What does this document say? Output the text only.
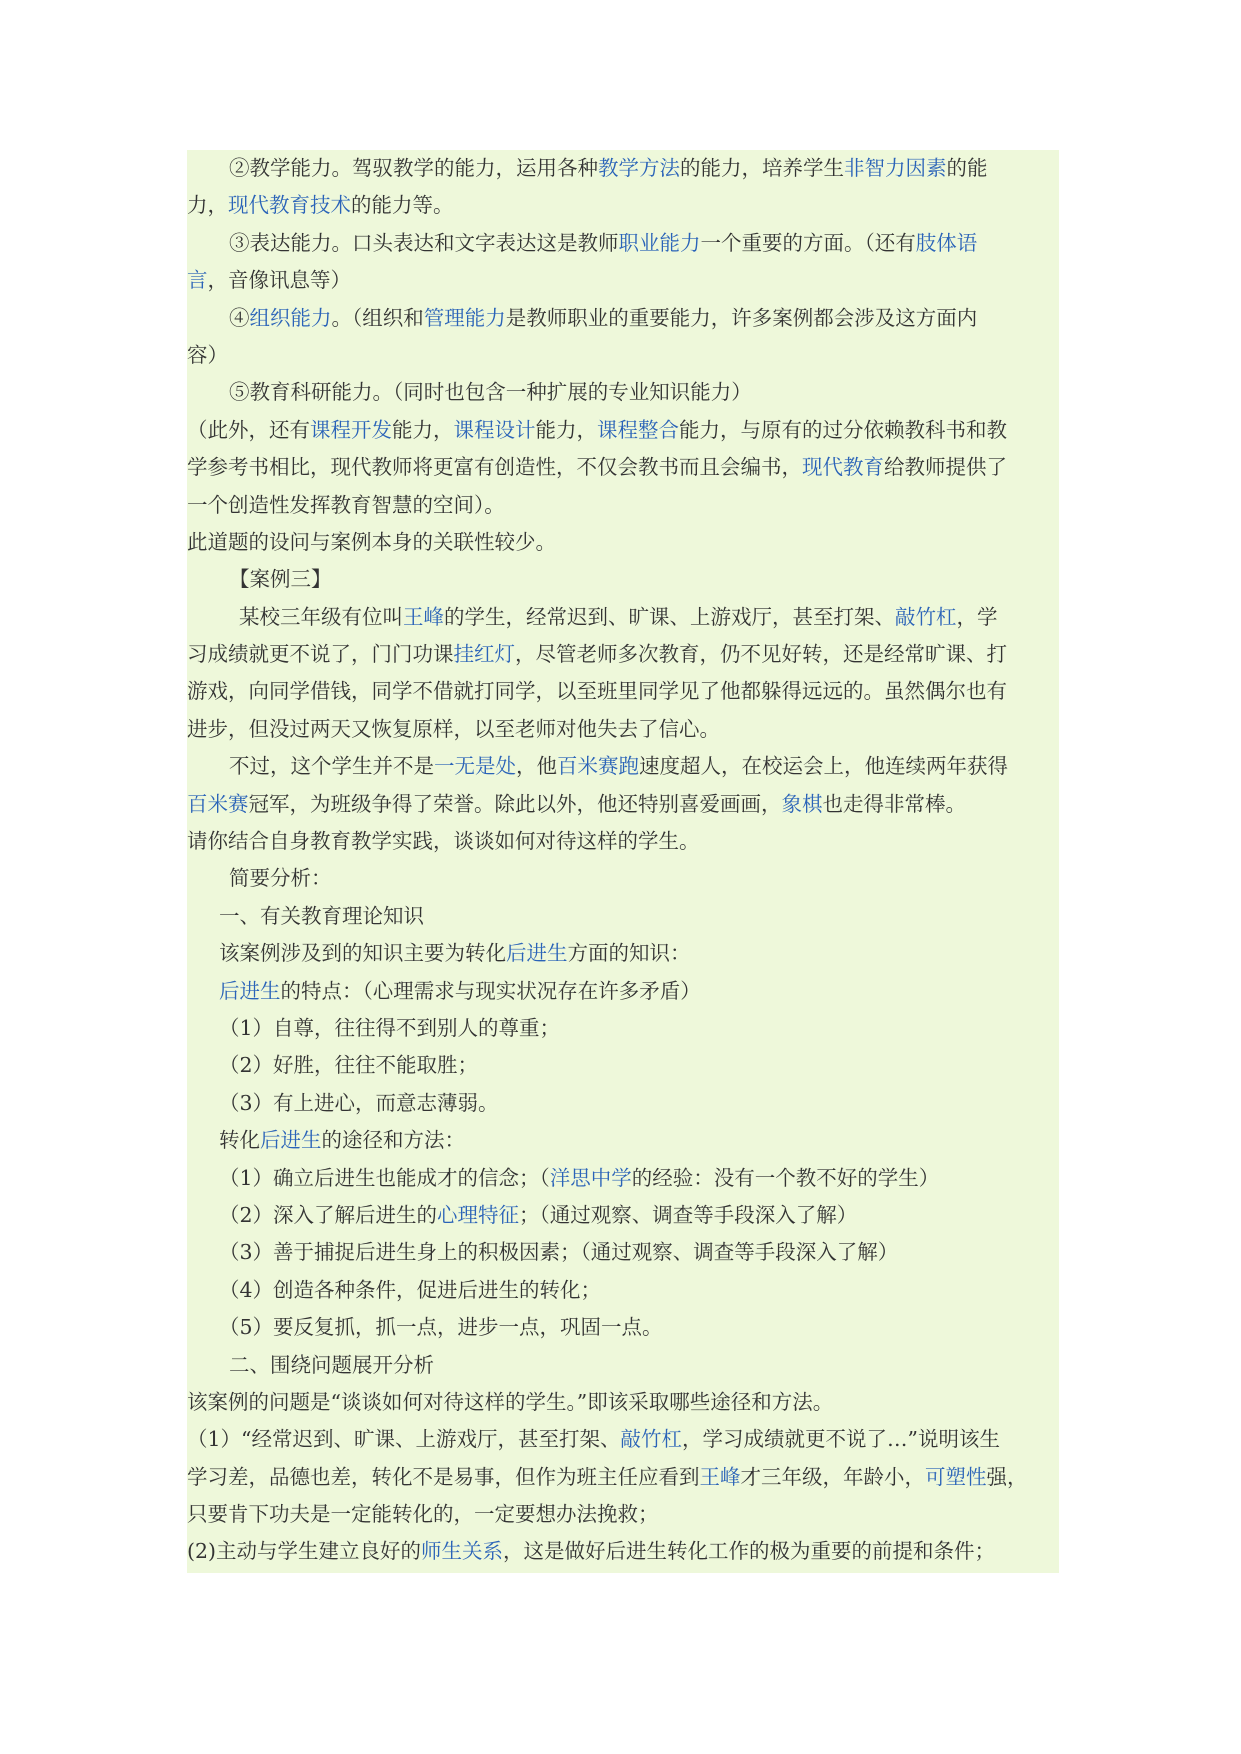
②教学能力。驾驭教学的能力，运用各种教学方法的能力，培养学生非智力因素的能
力，现代教育技术的能力等。
③表达能力。口头表达和文字表达这是教师职业能力一个重要的方面。（还有肢体语
言，音像讯息等）
④组织能力。（组织和管理能力是教师职业的重要能力，许多案例都会涉及这方面内
容）
⑤教育科研能力。（同时也包含一种扩展的专业知识能力）
（此外，还有课程开发能力，课程设计能力，课程整合能力，与原有的过分依赖教科书和教
学参考书相比，现代教师将更富有创造性，不仅会教书而且会编书，现代教育给教师提供了
一个创造性发挥教育智慧的空间）。
此道题的设问与案例本身的关联性较少。
【案例三】
某校三年级有位叫王峰的学生，经常迟到、旷课、上游戏厅，甚至打架、敲竹杠，学
习成绩就更不说了，门门功课挂红灯，尽管老师多次教育，仍不见好转，还是经常旷课、打
游戏，向同学借钱，同学不借就打同学，以至班里同学见了他都躲得远远的。虽然偶尔也有
进步，但没过两天又恢复原样，以至老师对他失去了信心。
不过，这个学生并不是一无是处，他百米赛跑速度超人，在校运会上，他连续两年获得
百米赛冠军，为班级争得了荣誉。除此以外，他还特别喜爱画画，象棋也走得非常棒。
请你结合自身教育教学实践，谈谈如何对待这样的学生。
简要分析：
一、有关教育理论知识
该案例涉及到的知识主要为转化后进生方面的知识：
后进生的特点：（心理需求与现实状况存在许多矛盾）
（1）自尊，往往得不到别人的尊重；
（2）好胜，往往不能取胜；
（3）有上进心，而意志薄弱。
转化后进生的途径和方法：
（1）确立后进生也能成才的信念；（洋思中学的经验：没有一个教不好的学生）
（2）深入了解后进生的心理特征；（通过观察、调查等手段深入了解）
（3）善于捕捉后进生身上的积极因素；（通过观察、调查等手段深入了解）
（4）创造各种条件，促进后进生的转化；
（5）要反复抓，抓一点，进步一点，巩固一点。
二、围绕问题展开分析
该案例的问题是“谈谈如何对待这样的学生。”即该采取哪些途径和方法。
（1）“经常迟到、旷课、上游戏厅，甚至打架、敲竹杠，学习成绩就更不说了…”说明该生
学习差，品德也差，转化不是易事，但作为班主任应看到王峰才三年级，年龄小，可塑性强，
只要肯下功夫是一定能转化的，一定要想办法挽救；
(2)主动与学生建立良好的师生关系，这是做好后进生转化工作的极为重要的前提和条件；
